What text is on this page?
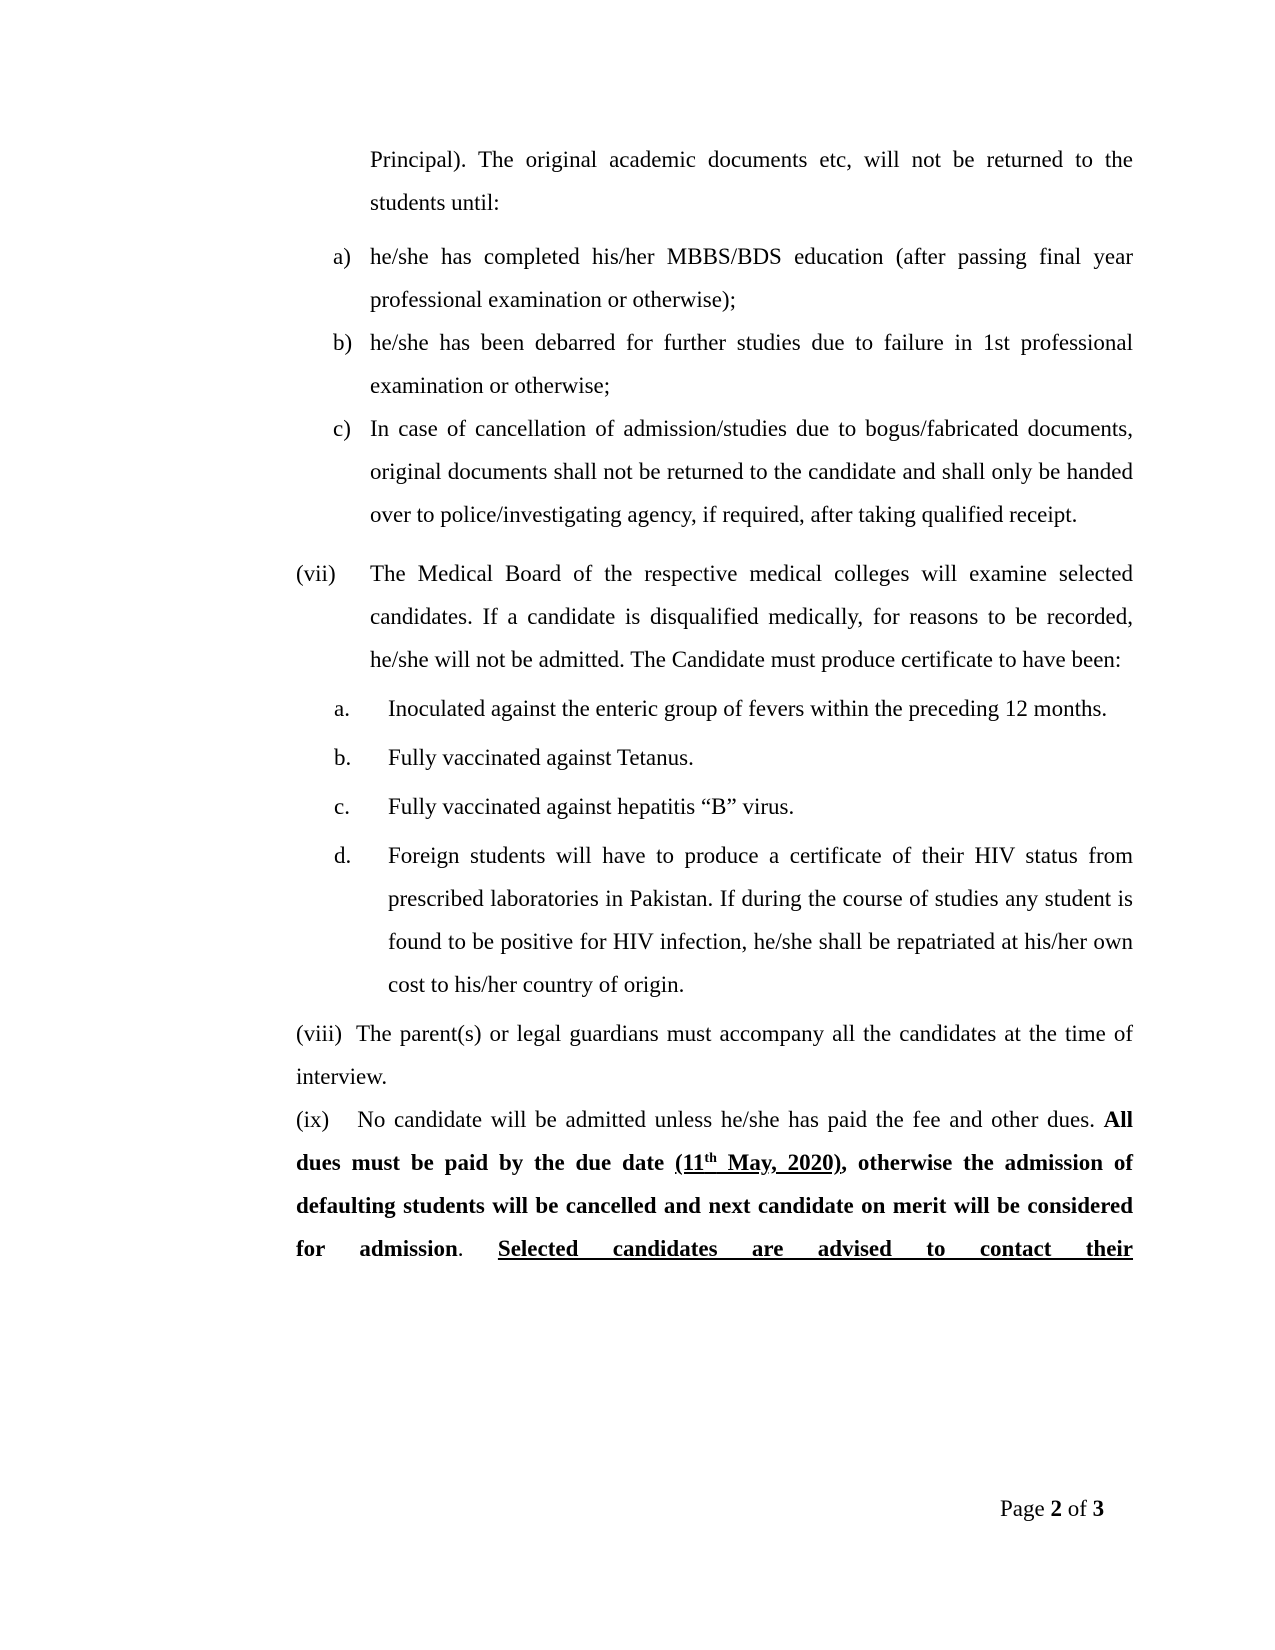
Principal). The original academic documents etc, will not be returned to the students until:

a) he/she has completed his/her MBBS/BDS education (after passing final year professional examination or otherwise);
b) he/she has been debarred for further studies due to failure in 1st professional examination or otherwise;
c) In case of cancellation of admission/studies due to bogus/fabricated documents, original documents shall not be returned to the candidate and shall only be handed over to police/investigating agency, if required, after taking qualified receipt.
(vii) The Medical Board of the respective medical colleges will examine selected candidates. If a candidate is disqualified medically, for reasons to be recorded, he/she will not be admitted. The Candidate must produce certificate to have been:
a. Inoculated against the enteric group of fevers within the preceding 12 months.
b. Fully vaccinated against Tetanus.
c. Fully vaccinated against hepatitis “B” virus.
d. Foreign students will have to produce a certificate of their HIV status from prescribed laboratories in Pakistan. If during the course of studies any student is found to be positive for HIV infection, he/she shall be repatriated at his/her own cost to his/her country of origin.

(viii) The parent(s) or legal guardians must accompany all the candidates at the time of interview.

(ix) No candidate will be admitted unless he/she has paid the fee and other dues. All dues must be paid by the due date (11th May, 2020), otherwise the admission of defaulting students will be cancelled and next candidate on merit will be considered for admission. Selected candidates are advised to contact their

Page 2 of 3
